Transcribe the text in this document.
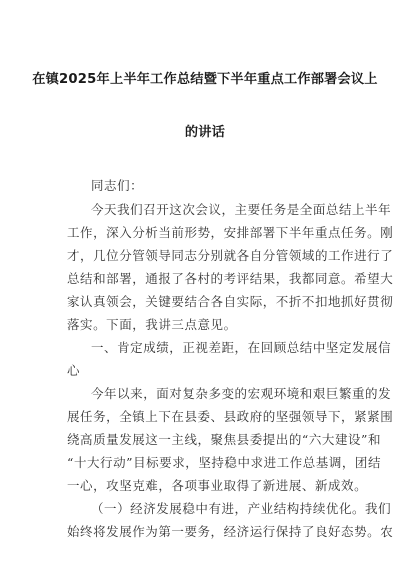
在镇2025年上半年工作总结暨下半年重点工作部署会议上
的讲话
同志们：
今天我们召开这次会议，主要任务是全面总结上半年
工作，深入分析当前形势，安排部署下半年重点任务。刚
才，几位分管领导同志分别就各自分管领域的工作进行了
总结和部署，通报了各村的考评结果，我都同意。希望大
家认真领会，关键要结合各自实际，不折不扣地抓好贯彻
落实。下面，我讲三点意见。
一、肯定成绩，正视差距，在回顾总结中坚定发展信
心
今年以来，面对复杂多变的宏观环境和艰巨繁重的发
展任务，全镇上下在县委、县政府的坚强领导下，紧紧围
绕高质量发展这一主线，聚焦县委提出的“六大建设”和
“十大行动”目标要求，坚持稳中求进工作总基调，团结
一心，攻坚克难，各项事业取得了新进展、新成效。
（一）经济发展稳中有进，产业结构持续优化。我们
始终将发展作为第一要务，经济运行保持了良好态势。农
